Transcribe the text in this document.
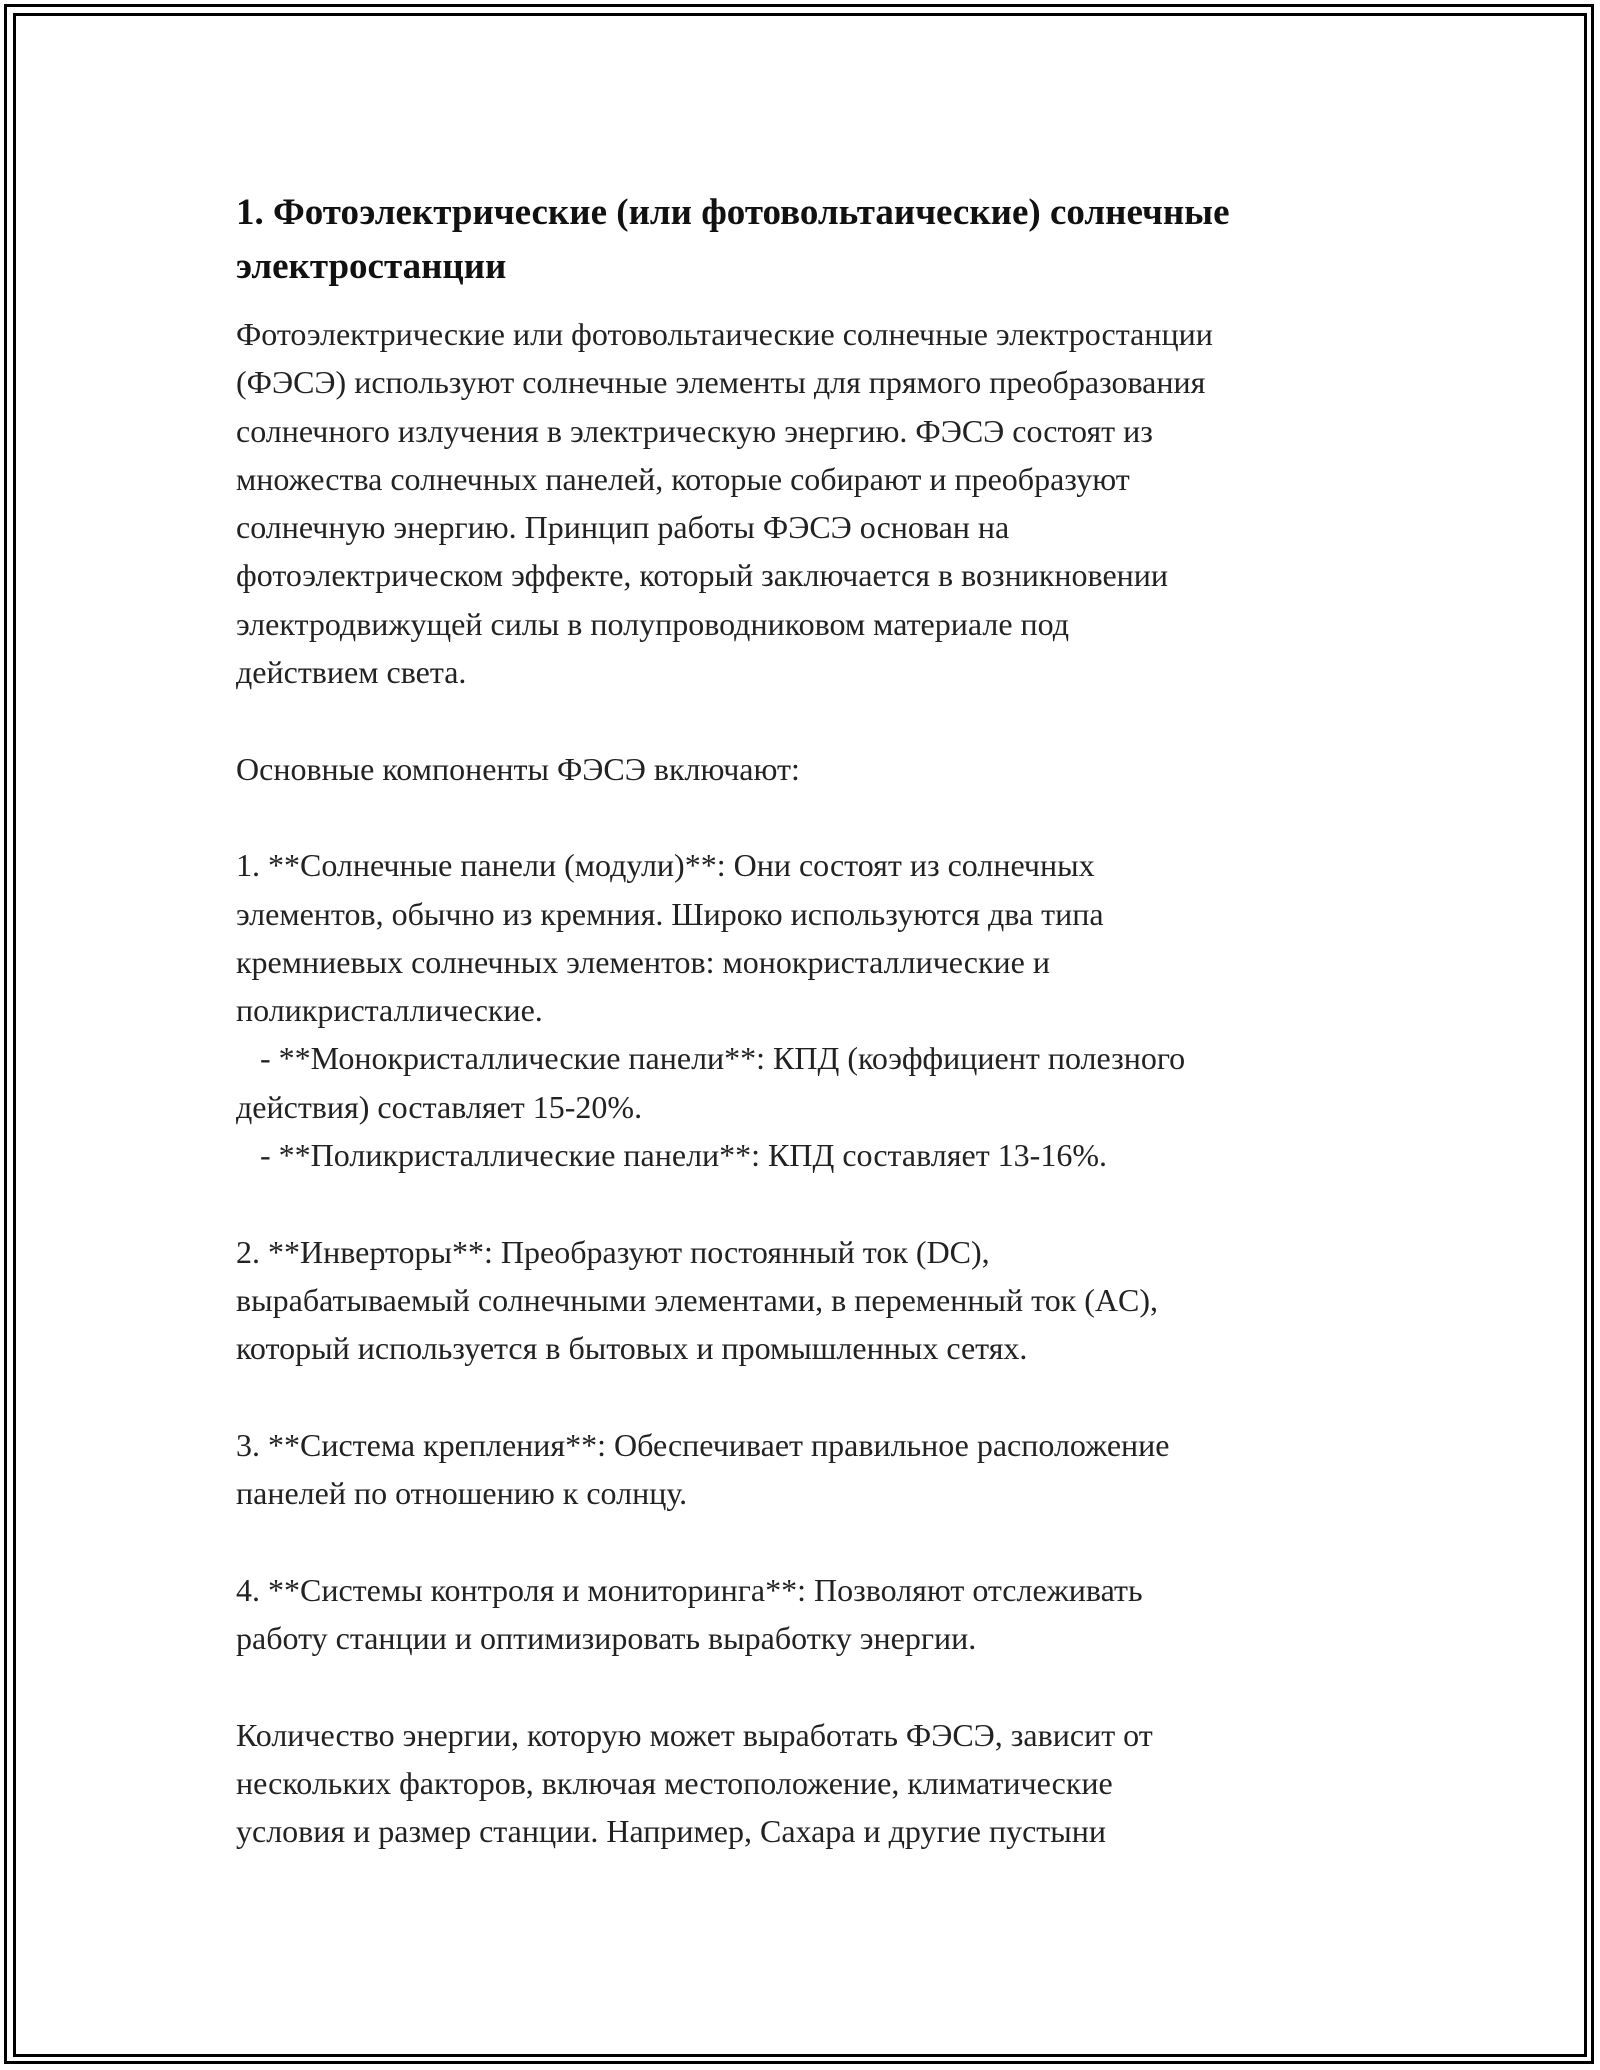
1. Фотоэлектрические (или фотовольтаические) солнечные
электростанции
Фотоэлектрические или фотовольтаические солнечные электростанции
(ФЭСЭ) используют солнечные элементы для прямого преобразования
солнечного излучения в электрическую энергию. ФЭСЭ состоят из
множества солнечных панелей, которые собирают и преобразуют
солнечную энергию. Принцип работы ФЭСЭ основан на
фотоэлектрическом эффекте, который заключается в возникновении
электродвижущей силы в полупроводниковом материале под
действием света.
Основные компоненты ФЭСЭ включают:
1. **Солнечные панели (модули)**: Они состоят из солнечных
элементов, обычно из кремния. Широко используются два типа
кремниевых солнечных элементов: монокристаллические и
поликристаллические.
- **Монокристаллические панели**: КПД (коэффициент полезного
действия) составляет 15-20%.
- **Поликристаллические панели**: КПД составляет 13-16%.
2. **Инверторы**: Преобразуют постоянный ток (DC),
вырабатываемый солнечными элементами, в переменный ток (AC),
который используется в бытовых и промышленных сетях.
3. **Система крепления**: Обеспечивает правильное расположение
панелей по отношению к солнцу.
4. **Системы контроля и мониторинга**: Позволяют отслеживать
работу станции и оптимизировать выработку энергии.
Количество энергии, которую может выработать ФЭСЭ, зависит от
нескольких факторов, включая местоположение, климатические
условия и размер станции. Например, Сахара и другие пустыни
